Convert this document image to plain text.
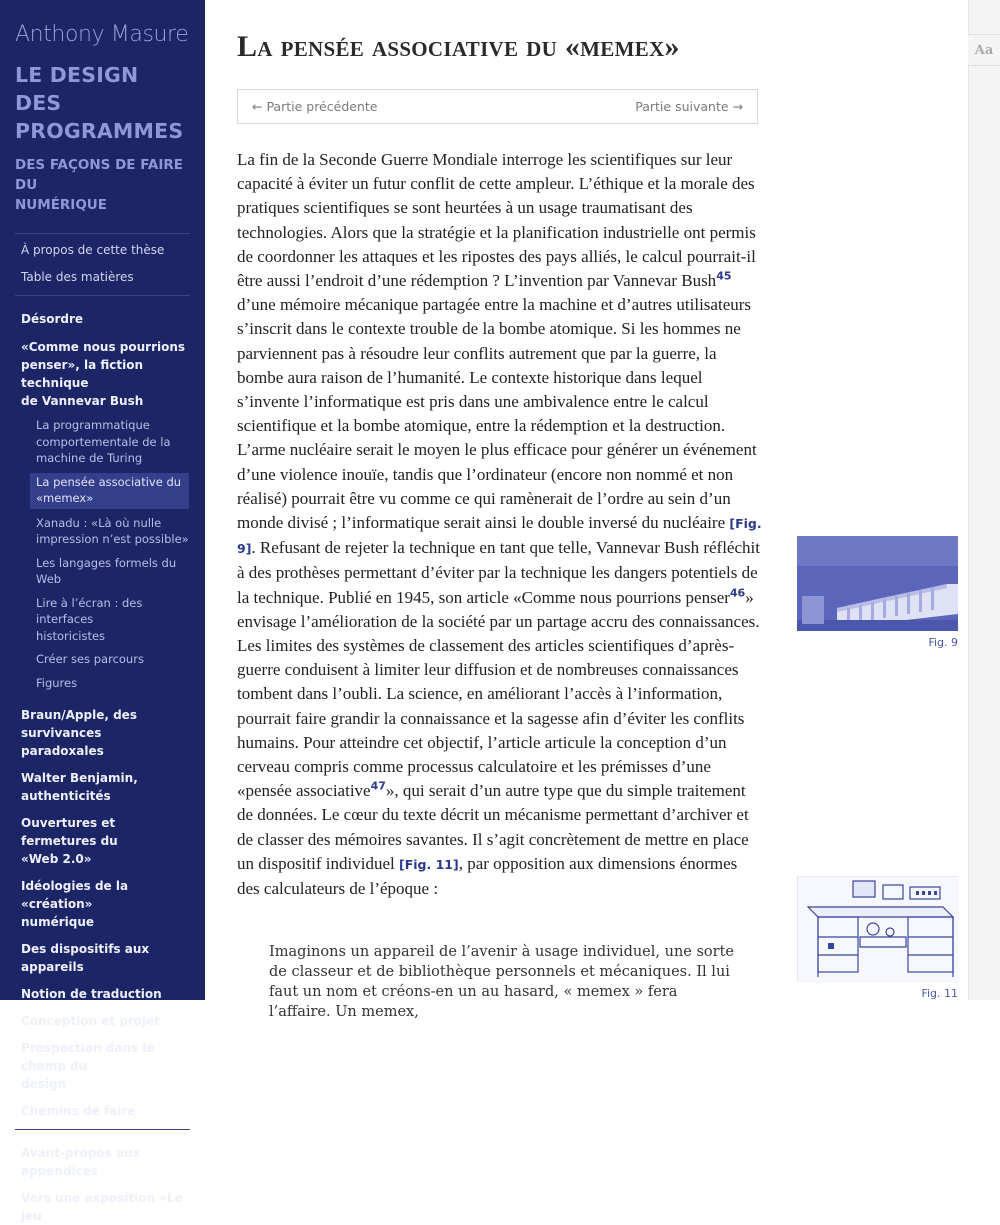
Anthony Masure
LE DESIGN DES
PROGRAMMES
DES FAÇONS DE FAIRE DU
NUMÉRIQUE
À propos de cette thèse
Table des matières
Désordre
«Comme nous pourrions
penser», la fiction technique
de Vannevar Bush
La programmatique
comportementale de la
machine de Turing
La pensée associative du
«memex»
Xanadu : «Là où nulle
impression n’est possible»
Les langages formels du
Web
Lire à l’écran : des interfaces
historicistes
Créer ses parcours
Figures
Braun/Apple, des survivances
paradoxales
Walter Benjamin,
authenticités
Ouvertures et fermetures du
«Web 2.0»
Idéologies de la «création»
numérique
Des dispositifs aux appareils
Notion de traduction
Conception et projet
Prospection dans le champ du
design
Chemins de faire
Avant-propos aux appendices
Vers une exposition «Le jeu
La pensée associative du «memex»
← Partie précédente	Partie suivante →

La fin de la Seconde Guerre Mondiale interroge les scientifiques sur leur capacité à éviter un futur conflit de cette ampleur. L’éthique et la morale des pratiques scientifiques se sont heurtées à un usage traumatisant des technologies. Alors que la stratégie et la planification industrielle ont permis de coordonner les attaques et les ripostes des pays alliés, le calcul pourrait-il être aussi l’endroit d’une rédemption ? L’invention par Vannevar Bush$^{45}$ d’une mémoire mécanique partagée entre la machine et d’autres utilisateurs s’inscrit dans le contexte trouble de la bombe atomique. Si les hommes ne parviennent pas à résoudre leur conflits autrement que par la guerre, la bombe aura raison de l’humanité. Le contexte historique dans lequel s’invente l’informatique est pris dans une ambivalence entre le calcul scientifique et la bombe atomique, entre la rédemption et la destruction. L’arme nucléaire serait le moyen le plus efficace pour générer un événement d’une violence inouïe, tandis que l’ordinateur (encore non nommé et non réalisé) pourrait être vu comme ce qui ramènerait de l’ordre au sein d’un monde divisé ; l’informatique serait ainsi le double inversé du nucléaire [Fig. 9]. Refusant de rejeter la technique en tant que telle, Vannevar Bush réfléchit à des prothèses permettant d’éviter par la technique les dangers potentiels de la technique. Publié en 1945, son article «Comme nous pourrions penser$^{46}$» envisage l’amélioration de la société par un partage accru des connaissances. Les limites des systèmes de classement des articles scientifiques d’après-guerre conduisent à limiter leur diffusion et de nombreuses connaissances tombent dans l’oubli. La science, en améliorant l’accès à l’information, pourrait faire grandir la connaissance et la sagesse afin d’éviter les conflits humains. Pour atteindre cet objectif, l’article articule la conception d’un cerveau compris comme processus calculatoire et les prémisses d’une «pensée associative$^{47}$», qui serait d’un autre type que du simple traitement de données. Le cœur du texte décrit un mécanisme permettant d’archiver et de classer des mémoires savantes. Il s’agit concrètement de mettre en place un dispositif individuel [Fig. 11], par opposition aux dimensions énormes des calculateurs de l’époque :

Imaginons un appareil de l’avenir à usage individuel, une sorte de classeur et de bibliothèque personnels et mécaniques. Il lui faut un nom et créons-en un au hasard, « memex » fera l’affaire. Un memex,
Aa
Fig. 9
Fig. 11
